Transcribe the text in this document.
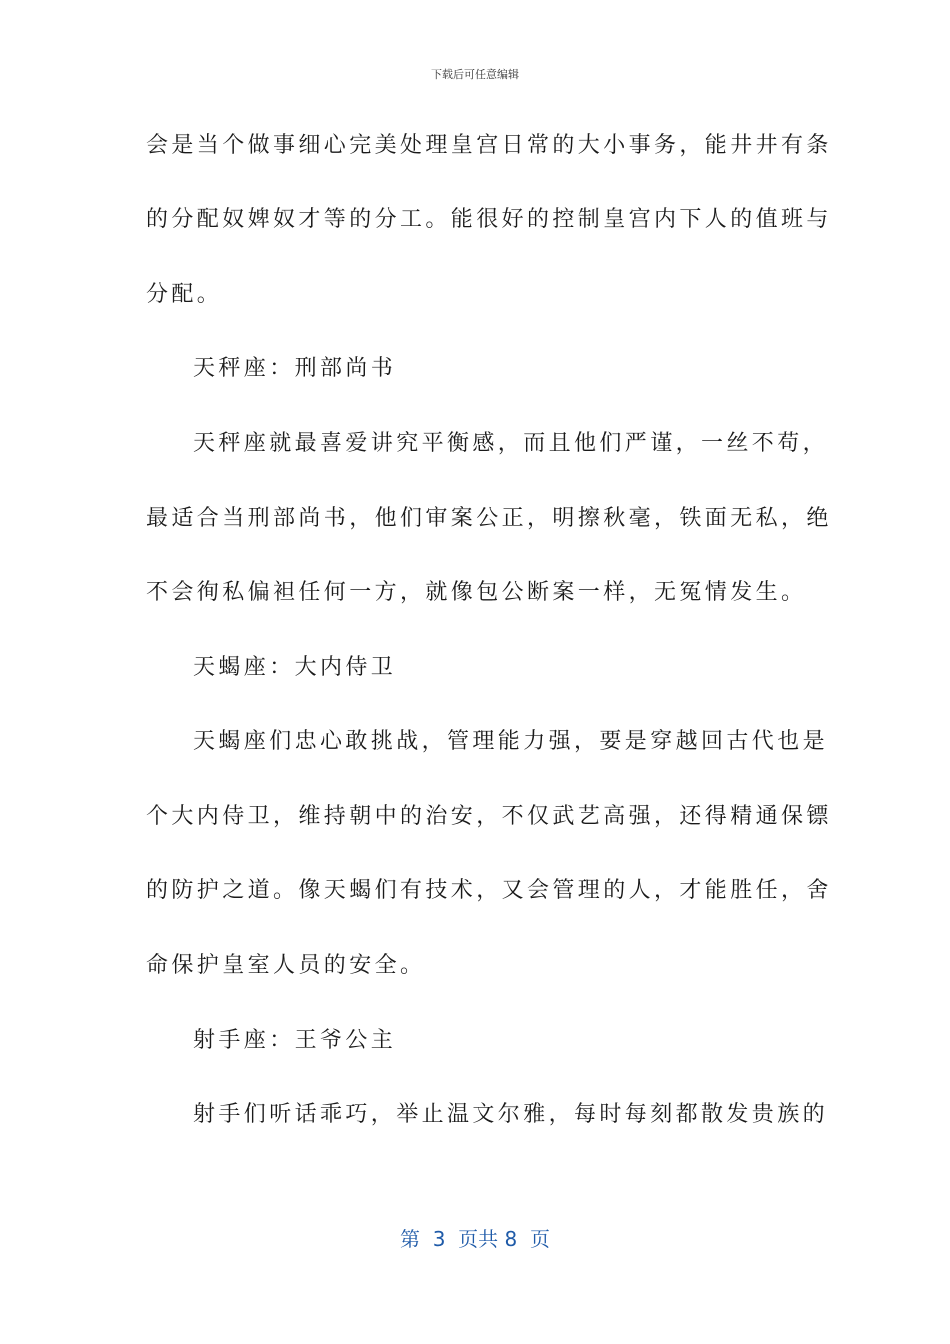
下载后可任意编辑
会是当个做事细心完美处理皇宫日常的大小事务，能井井有条
的分配奴婢奴才等的分工。能很好的控制皇宫内下人的值班与
分配。
天秤座：刑部尚书
天秤座就最喜爱讲究平衡感，而且他们严谨，一丝不苟，
最适合当刑部尚书，他们审案公正，明擦秋毫，铁面无私，绝
不会徇私偏袒任何一方，就像包公断案一样，无冤情发生。
天蝎座：大内侍卫
天蝎座们忠心敢挑战，管理能力强，要是穿越回古代也是
个大内侍卫，维持朝中的治安，不仅武艺高强，还得精通保镖
的防护之道。像天蝎们有技术，又会管理的人，才能胜任，舍
命保护皇室人员的安全。
射手座：王爷公主
射手们听话乖巧，举止温文尔雅，每时每刻都散发贵族的
第  3  页共 8  页
